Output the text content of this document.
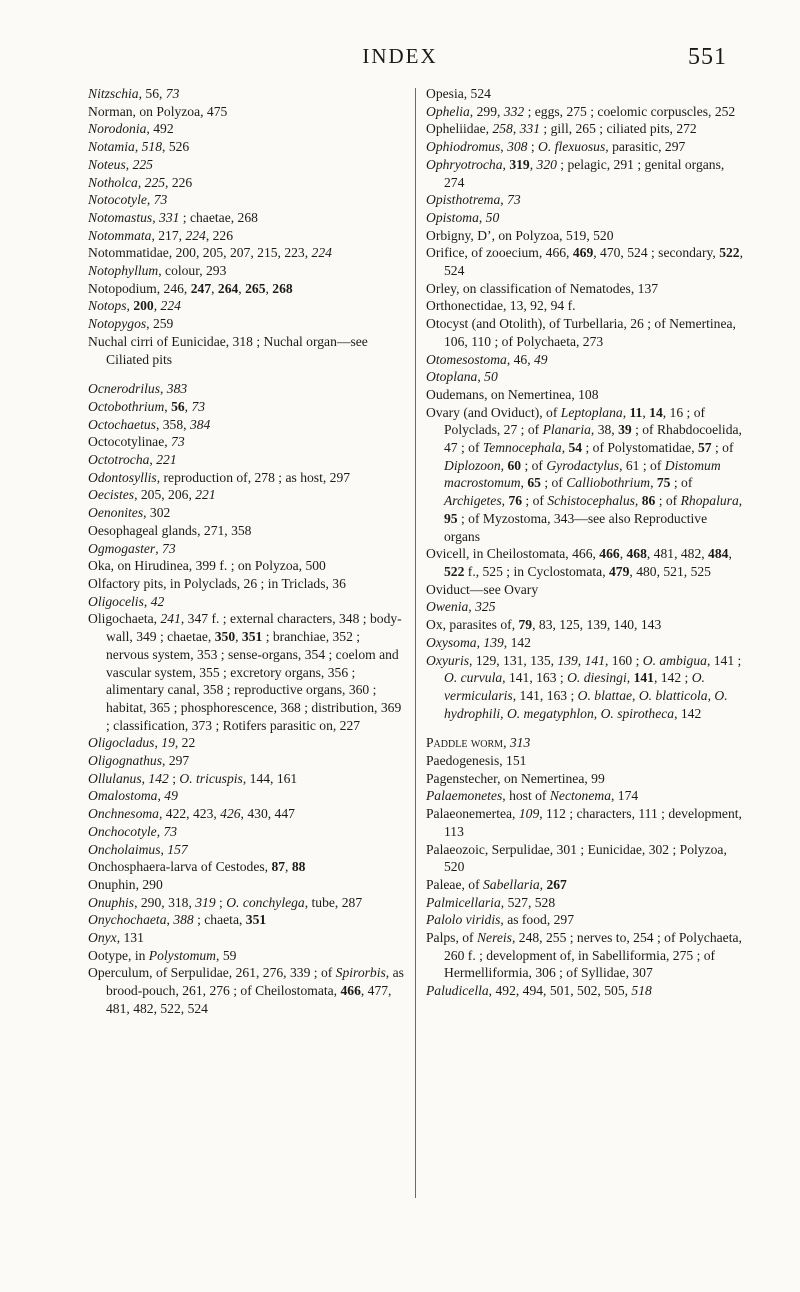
INDEX	551
Nitzschia, 56, 73
Norman, on Polyzoa, 475
Norodonia, 492
Notamia, 518, 526
Noteus, 225
Notholca, 225, 226
Notocotyle, 73
Notomastus, 331 ; chaetae, 268
Notommata, 217, 224, 226
Notommatidae, 200, 205, 207, 215, 223, 224
Notophyllum, colour, 293
Notopodium, 246, 247, 264, 265, 268
Notops, 200, 224
Notopygos, 259
Nuchal cirri of Eunicidae, 318 ; Nuchal organ—see Ciliated pits
Ocnerodrilus, 383
Octobothrium, 56, 73
Octochaetus, 358, 384
Octocotylinae, 73
Octotrocha, 221
Odontosyllis, reproduction of, 278 ; as host, 297
Oecistes, 205, 206, 221
Oenonites, 302
Oesophageal glands, 271, 358
Ogmogaster, 73
Oka, on Hirudinea, 399 f. ; on Polyzoa, 500
Olfactory pits, in Polyclads, 26 ; in Triclads, 36
Oligocelis, 42
Oligochaeta, 241, 347 f. ; external characters, 348 ; body-wall, 349 ; chaetae, 350, 351 ; branchiae, 352 ; nervous system, 353 ; sense-organs, 354 ; coelom and vascular system, 355 ; excretory organs, 356 ; alimentary canal, 358 ; reproductive organs, 360 ; habitat, 365 ; phosphorescence, 368 ; distribution, 369 ; classification, 373 ; Rotifers parasitic on, 227
Oligocladus, 19, 22
Oligognathus, 297
Ollulanus, 142 ; O. tricuspis, 144, 161
Omalostoma, 49
Onchnesoma, 422, 423, 426, 430, 447
Onchocotyle, 73
Oncholaimus, 157
Onchosphaera-larva of Cestodes, 87, 88
Onuphin, 290
Onuphis, 290, 318, 319 ; O. conchylega, tube, 287
Onychochaeta, 388 ; chaeta, 351
Onyx, 131
Ootype, in Polystomum, 59
Operculum, of Serpulidae, 261, 276, 339 ; of Spirorbis, as brood-pouch, 261, 276 ; of Cheilostomata, 466, 477, 481, 482, 522, 524
Opesia, 524
Ophelia, 299, 332 ; eggs, 275 ; coelomic corpuscles, 252
Opheliidae, 258, 331 ; gill, 265 ; ciliated pits, 272
Ophiodromus, 308 ; O. flexuosus, parasitic, 297
Ophryotrocha, 319, 320 ; pelagic, 291 ; genital organs, 274
Opisthotrema, 73
Opistoma, 50
Orbigny, D’, on Polyzoa, 519, 520
Orifice, of zooecium, 466, 469, 470, 524 ; secondary, 522, 524
Orley, on classification of Nematodes, 137
Orthonectidae, 13, 92, 94 f.
Otocyst (and Otolith), of Turbellaria, 26 ; of Nemertinea, 106, 110 ; of Polychaeta, 273
Otomesostoma, 46, 49
Otoplana, 50
Oudemans, on Nemertinea, 108
Ovary (and Oviduct), of Leptoplana, 11, 14, 16 ; of Polyclads, 27 ; of Planaria, 38, 39 ; of Rhabdocoelida, 47 ; of Temnocephala, 54 ; of Polystomatidae, 57 ; of Diplozoon, 60 ; of Gyrodactylus, 61 ; of Distomum macrostomum, 65 ; of Calliobothrium, 75 ; of Archigetes, 76 ; of Schistocephalus, 86 ; of Rhopalura, 95 ; of Myzostoma, 343—see also Reproductive organs
Ovicell, in Cheilostomata, 466, 466, 468, 481, 482, 484, 522 f., 525 ; in Cyclostomata, 479, 480, 521, 525
Oviduct—see Ovary
Owenia, 325
Ox, parasites of, 79, 83, 125, 139, 140, 143
Oxysoma, 139, 142
Oxyuris, 129, 131, 135, 139, 141, 160 ; O. ambigua, 141 ; O. curvula, 141, 163 ; O. diesingi, 141, 142 ; O. vermicularis, 141, 163 ; O. blattae, O. blatticola, O. hydrophili, O. megatyphlon, O. spirotheca, 142
Paddle worm, 313
Paedogenesis, 151
Pagenstecher, on Nemertinea, 99
Palaemonetes, host of Nectonema, 174
Palaeonemertea, 109, 112 ; characters, 111 ; development, 113
Palaeozoic, Serpulidae, 301 ; Eunicidae, 302 ; Polyzoa, 520
Paleae, of Sabellaria, 267
Palmicellaria, 527, 528
Palolo viridis, as food, 297
Palps, of Nereis, 248, 255 ; nerves to, 254 ; of Polychaeta, 260 f. ; development of, in Sabelliformia, 275 ; of Hermelliformia, 306 ; of Syllidae, 307
Paludicella, 492, 494, 501, 502, 505, 518
